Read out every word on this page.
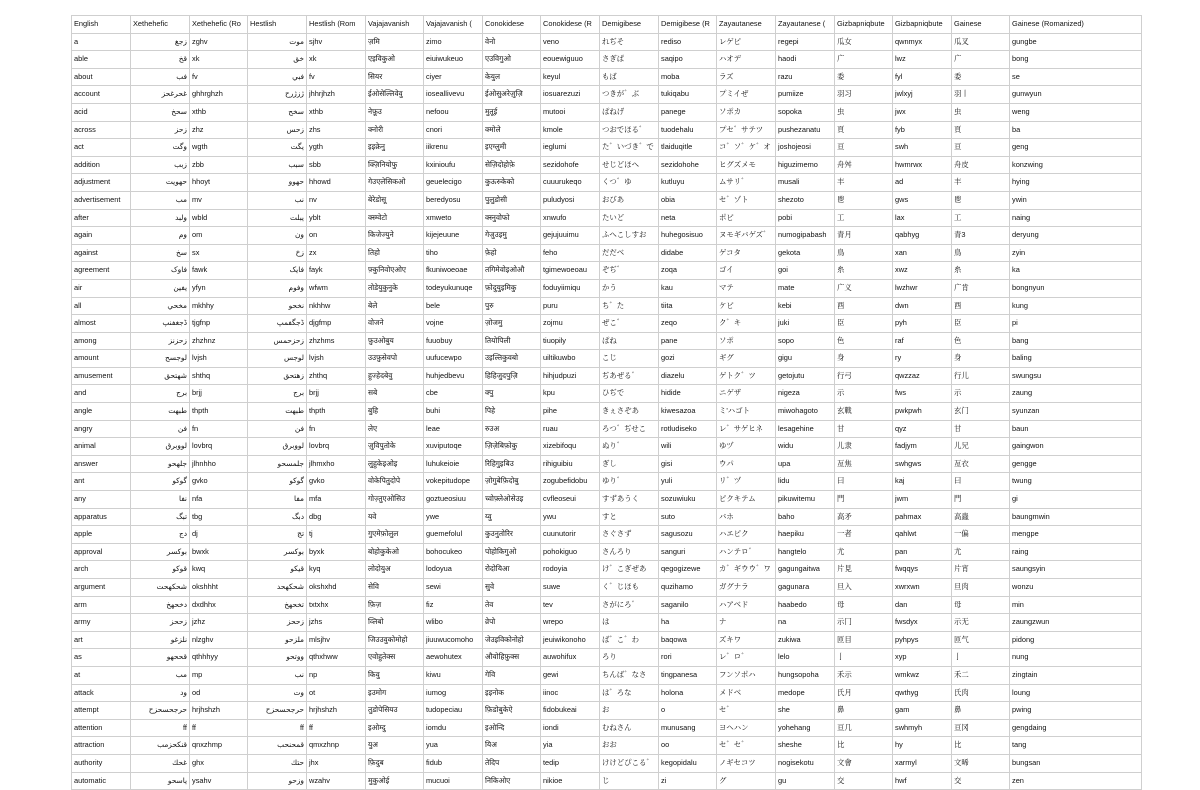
English	Xethehefic	Xethehefic (Ro	Hestlish	Hestlish (Rom	Vajajavanish	Vajajavanish (	Conokidese	Conokidese (R	Demigibese	Demigibese (R	Zayautanese	Zayautanese (	Gizbapniqbute	Gizbapniqbute	Gainese	Gainese (Romanized)
a	زجغ	zghv	موت	sjhv	ज़मि	zimo	वेनो	veno	れぢそ	rediso	レゲピ	regepi	瓜女	qwnmyx	瓜叉	gungbe
able	قخ	xk	خق	xk	एइविकुओ	eiuiwukeuo	एउविगुओ	eouewiguuo	さぎぱ	saqipo	ハオデ	haodi	广	lwz	广	bong
about	فب	fv	فبي	fv	सियर	ciyer	केयुल	keyul	もば	moba	ラズ	razu	委	fyl	委	se
account	غحرغحز	ghhrghzh	ژزژرح	jhhrjhzh	ईओसेल्लिवेवु	ioseallivevu	ईओसुअरेज़ुज़ि	iosuarezuzi	つきが゛ぶ	tukiqabu	プミイぜ	pumiize	羽习	jwlxyj	羽丨	gunwyun
acid	سحخ	xthb	سخح	xthb	नेफ़ूउ	nefoou	मुतूई	mutooi	ぱねげ	panege	ソポカ	sopoka	虫	jwx	虫	weng
across	زحز	zhz	زحس	zhs	क्नोरी	cnori	क्मोले	kmole	つおでほる゛	tuodehalu	プセ゛サテツ	pushezanatu	頁	fyb	頁	ba
act	وگت	wgth	یگت	ygth	इइक्रेनु	iikrenu	इएग्लुमी	ieglumi	た゛いづき゛で	tlaiduqitle	コ゛ソ゛ケ゛オ	joshojeosi	亘	swh	亘	geng
addition	زبب	zbb	سبب	sbb	क्ज़िनियोफु	kxinioufu	सेज़िदोहोफ़े	sezidohofe	せじどほへ	sezidohohe	ヒグズメモ	higuzimemo	舟舛	hwmrwx	舟皮	konzwing
adjustment	حهويت	hhoyt	حهوو	hhowd	गेउएलेसिकओ	geuelecigo	कुऊरुकेको	cuuurukeqo	くつ゛ゆ	kutluyu	ムサリ゛	musali	丰	ad	丰	hying
advertisement	مب	mv	نب	nv	बेरेडोसू	beredyosu	पुलुडोसी	puludyosi	おびあ	obia	セ゛ゾト	shezoto	鬯	gws	鬯	ywin
after	ولبد	wbld	يبلت	yblt	क्स्म्वेटो	xmweto	क्स्नुवोफो	xnwufo	たいど	neta	ポビ	pobi	工	lax	工	naing
again	وم	om	ون	on	किजेज्युने	kijejeuune	गेजुउइमु	gejujuuimu	ふへこしすお	huhegosisuo	ヌモギバゲズ゛	numogipabash	青月	qabhyg	青3	deryung
against	سخ	sx	زخ	zx	तिहो	tiho	फ़ेहो	feho	だだべ	didabe	ゲコタ	gekota	鳥	xan	鳥	zyin
agreement	فاوک	fawk	فايک	fayk	फ़्कुनिवोएओए	fkuniwoeoae	तगिमेवोइओऔ	tgimewoeoau	ぞぢ゛	zoqa	ゴイ	goi	糸	xwz	糸	ka
air	يفين	yfyn	وفوم	wfwm	तोडेयुकुनुके	todeyukunuqe	फ़ोदुयुइमिकु	foduyiimiqu	かう	kau	マテ	mate	广义	lwzhwr	广肯	bongnyun
all	مخحي	mkhhy	نخحو	nkhhw	बेले	bele	पुरु	puru	ち゛た	tiita	ケビ	kebi	酉	dwn	酉	kung
almost	ڈجغفنپ	tjgfnp	ڈجگفمپ	djgfmp	वोजने	vojne	ज़ोजमु	zojmu	ぜこ゛	zeqo	ク゛キ	juki	臣	pyh	臣	pi
among	زحزنز	zhzhnz	زحزحمس	zhzhms	फ़ुउओबुय	fuuobuy	तियोपिली	tiuopily	ぱね	pane	ソポ	sopo	色	raf	色	bang
amount	لوجسح	lvjsh	لوجس	lvjsh	उउफ़ुसेवपो	uufucewpo	उइल्तिकुवबो	uiltikuwbo	こじ	gozi	ギグ	gigu	身	ry	身	baling
amusement	شهتحق	shthq	زهتحق	zhthq	हुज्हेदबेवु	huhjedbevu	हिहिजुदपुज़ि	hihjudpuzi	ぢあぜる゛	diazelu	ゲトク゛ツ	getojutu	行弓	qwzzaz	行儿	swungsu
and	برج	brjj	برج	brjj	सबे	cbe	क्पु	kpu	ひぢで	hidide	ニゲザ	nigeza	示	fws	示	zaung
angle	طبهت	thpth	طبهت	thpth	बुहि	buhi	पिहे	pihe	きぇさぞあ	kiwesazoa	ミ'ハゴト	miwohagoto	玄戰	pwkpwh	玄门	syunzan
angry	فن	fn	فن	fn	लेए	leae	रुउअ	ruau	ろつ゛ぢせこ	rotludiseko	レ゛サゲヒネ	lesagehine	甘	qyz	甘	baun
animal	لووبرق	lovbrq	لووبرق	lovbrq	ज़ुविपुतोके	xuviputoqe	ज़िज़ेबिफ़ोकु	xizebifoqu	ぬり゛	wili	ゆヅ	widu	儿隶	fadjym	儿兄	gaingwon
answer	جلهحو	jlhnhho	جلمسحو	jlhmxho	लुहुकेइओइ	luhukeioie	रिहिगुइबिउ	rihiguibiu	ぎし	gisi	ウパ	upa	亙焦	swhgws	亙衣	gengge
ant	گوکو	gvko	گوکو	gvko	वोकेपितुदोपे	vokepitudope	ज़ोगुबेफ़िदोबु	zogubefidobu	ゆり゛	yuli	リ゛ヅ	lidu	曰	kaj	曰	twung
any	نفا	nfa	مفا	mfa	गोज़्तुएओसिउ	goztueosiuu	च्वोफ़्लेओसेउइ	cvfleoseui	すずあうく	sozuwiuku	ピクキテム	pikuwitemu	門	jwm	門	gi
apparatus	تبگ	tbg	دبگ	dbg	यवे	ywe	य्वु	ywu	すと	suto	バホ	baho	高矛	pahmax	高蟲	baungmwin
apple	دج	dj	تج	tj	गुएमेफ़ोलुल	guemefolul	कुउनुतोरिर	cuunutorir	さぐさず	sagusozu	ハエピク	haepiku	一者	qahlwt	一偏	mengpe
approval	بوکسر	bwxk	بوکسر	byxk	बोहोकुकेओ	bohocukeo	पोहोकिगुओ	pohokiguo	さんろり	sanguri	ハンテロ゛	hangtelo	尤	pan	尤	raing
arch	قوکو	kwq	قيکو	kyq	लोदोयुअ	lodoyua	रोदोयिआ	rodoyia	け゛こぎぜあ	qegogizewe	カ゛ギウウ゛ワ	gagungaitwa	片見	fwqqys	片宵	saungsyin
argument	شحکهحت	okshhht	شحکهحد	okshxhd	सेवि	sewi	सुवे	suwe	く゛じほも	quzihamo	ガグナラ	gagunara	旦入	xwrxwn	旦肉	wonzu
arm	دخحهخ	dxdhhx	تخحهخ	txtxhx	फ़िज़	fiz	तेव	tev	さがにろ゛	saganilo	ハアべド	haabedo	母	dan	母	min
army	زححز	jzhz	زححز	jzhs	व्लिबो	wlibo	व्रेपो	wrepo	は	ha	ナ	na	示冂	fwsdyx	示无	zaungzwun
art	نلزغو	nlzghv	ملزحو	mlsjhv	जिउउवुकोमोहो	jiuuwucomoho	जेउइविकोनोहो	jeuiwikonoho	ば゛こ゛わ	baqowa	ズキワ	zukiwa	匝目	pyhpys	匝气	pidong
as	قححهو	qthhhyy	ووتحو	qthxhww	एवोहुतेक्स	aewohutex	औवोहिफ़ुक्स	auwohifux	ろり	rori	レ゛ロ゛	lelo	亅	xyp	亅	nung
at	مب	mp	نب	np	किवु	kiwu	गेवि	gewi	ちんば゛なさ	tingpanesa	フンソポハ	hungsopoha	禾示	wmkwz	禾二	zingtain
attack	ود	od	وت	ot	इउमोग	iumog	इइनोक	iinoc	は゛ろな	holona	メドべ	medope	氏月	qwthyg	氏肉	loung
attempt	حرجحسحزح	hrjhshzh	حرجحسحزح	hrjhshzh	तुडोपेसियउ	tudopeciau	फ़िडोबुकेऐ	fidobukeai	お	o	セ゛	she	鼻	gam	鼻	pwing
attention	ff	ff	ff	ff	इओम्दु	iomdu	इओन्दि	iondi	むねさん	munusang	ヨヘハン	yohehang	亘几	swhmyh	亘冈	gengdaing
attraction	قنکحزمب	qnxzhmp	قمحنحب	qmxzhnp	युअ	yua	यिअ	yia	おお	oo	セ゛セ゛	sheshe	比	hy	比	tang
authority	غحك	ghx	حتك	jhx	फ़िदुब	fidub	तेदिप	tedip	けけどぴこる゛	kegopidalu	ノギセコツ	nogisekotu	文會	xarmyl	文晞	bungsan
automatic	ياسحو	ysahv	وزحو	wzahv	मुकुओई	mucuoi	निकिओए	nikioe	じ	zi	グ	gu	交	hwf	交	zen
